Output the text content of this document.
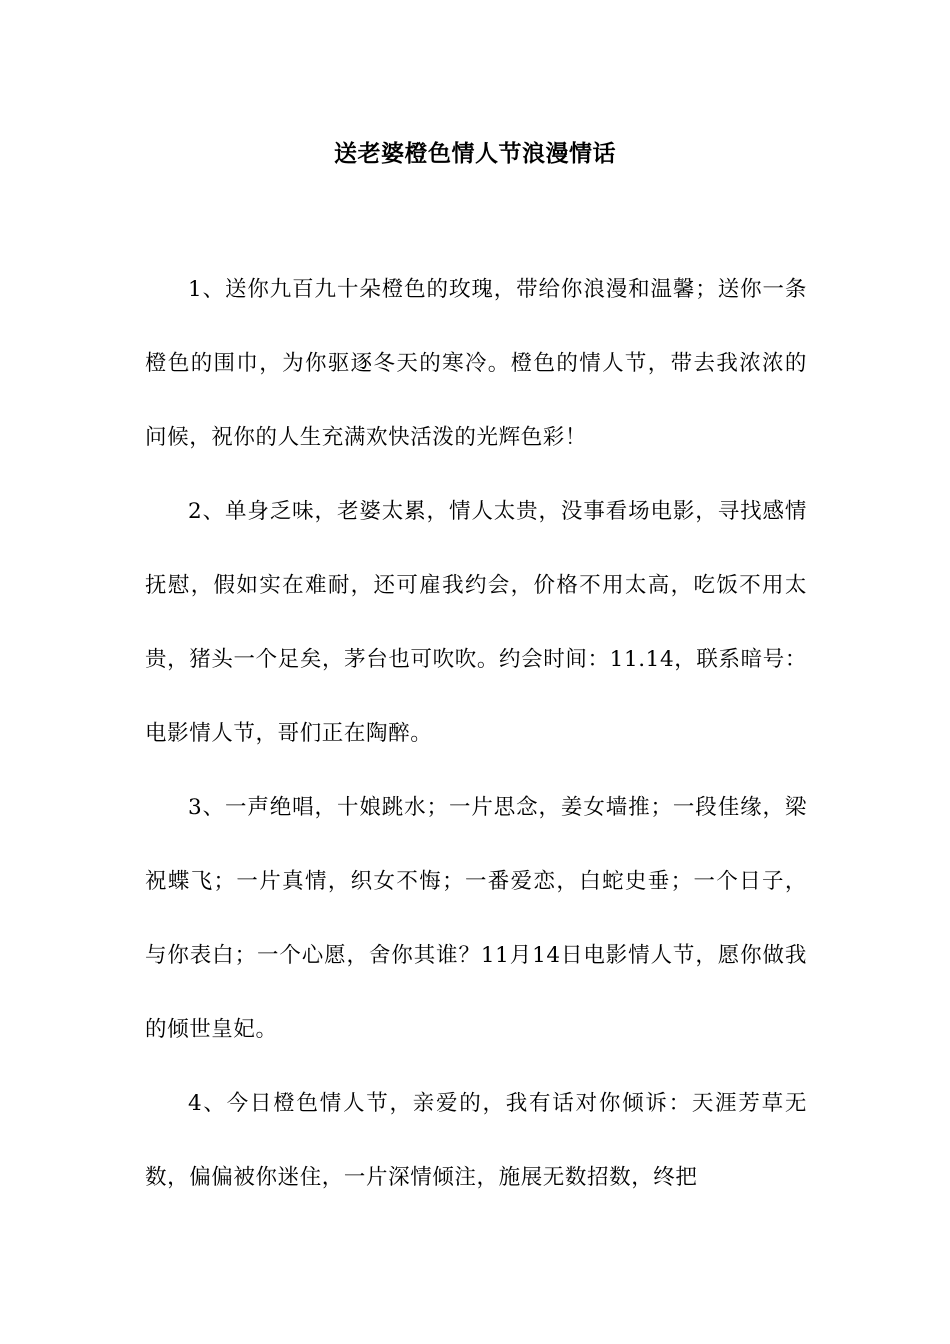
送老婆橙色情人节浪漫情话

1、送你九百九十朵橙色的玫瑰，带给你浪漫和温馨；送你一条橙色的围巾，为你驱逐冬天的寒冷。橙色的情人节，带去我浓浓的问候，祝你的人生充满欢快活泼的光辉色彩！

2、单身乏味，老婆太累，情人太贵，没事看场电影，寻找感情抚慰，假如实在难耐，还可雇我约会，价格不用太高，吃饭不用太贵，猪头一个足矣，茅台也可吹吹。约会时间：11.14，联系暗号：电影情人节，哥们正在陶醉。

3、一声绝唱，十娘跳水；一片思念，姜女墙推；一段佳缘，梁祝蝶飞；一片真情，织女不悔；一番爱恋，白蛇史垂；一个日子，与你表白；一个心愿，舍你其谁？11月14日电影情人节，愿你做我的倾世皇妃。

4、今日橙色情人节，亲爱的，我有话对你倾诉：天涯芳草无数，偏偏被你迷住，一片深情倾注，施展无数招数，终把
